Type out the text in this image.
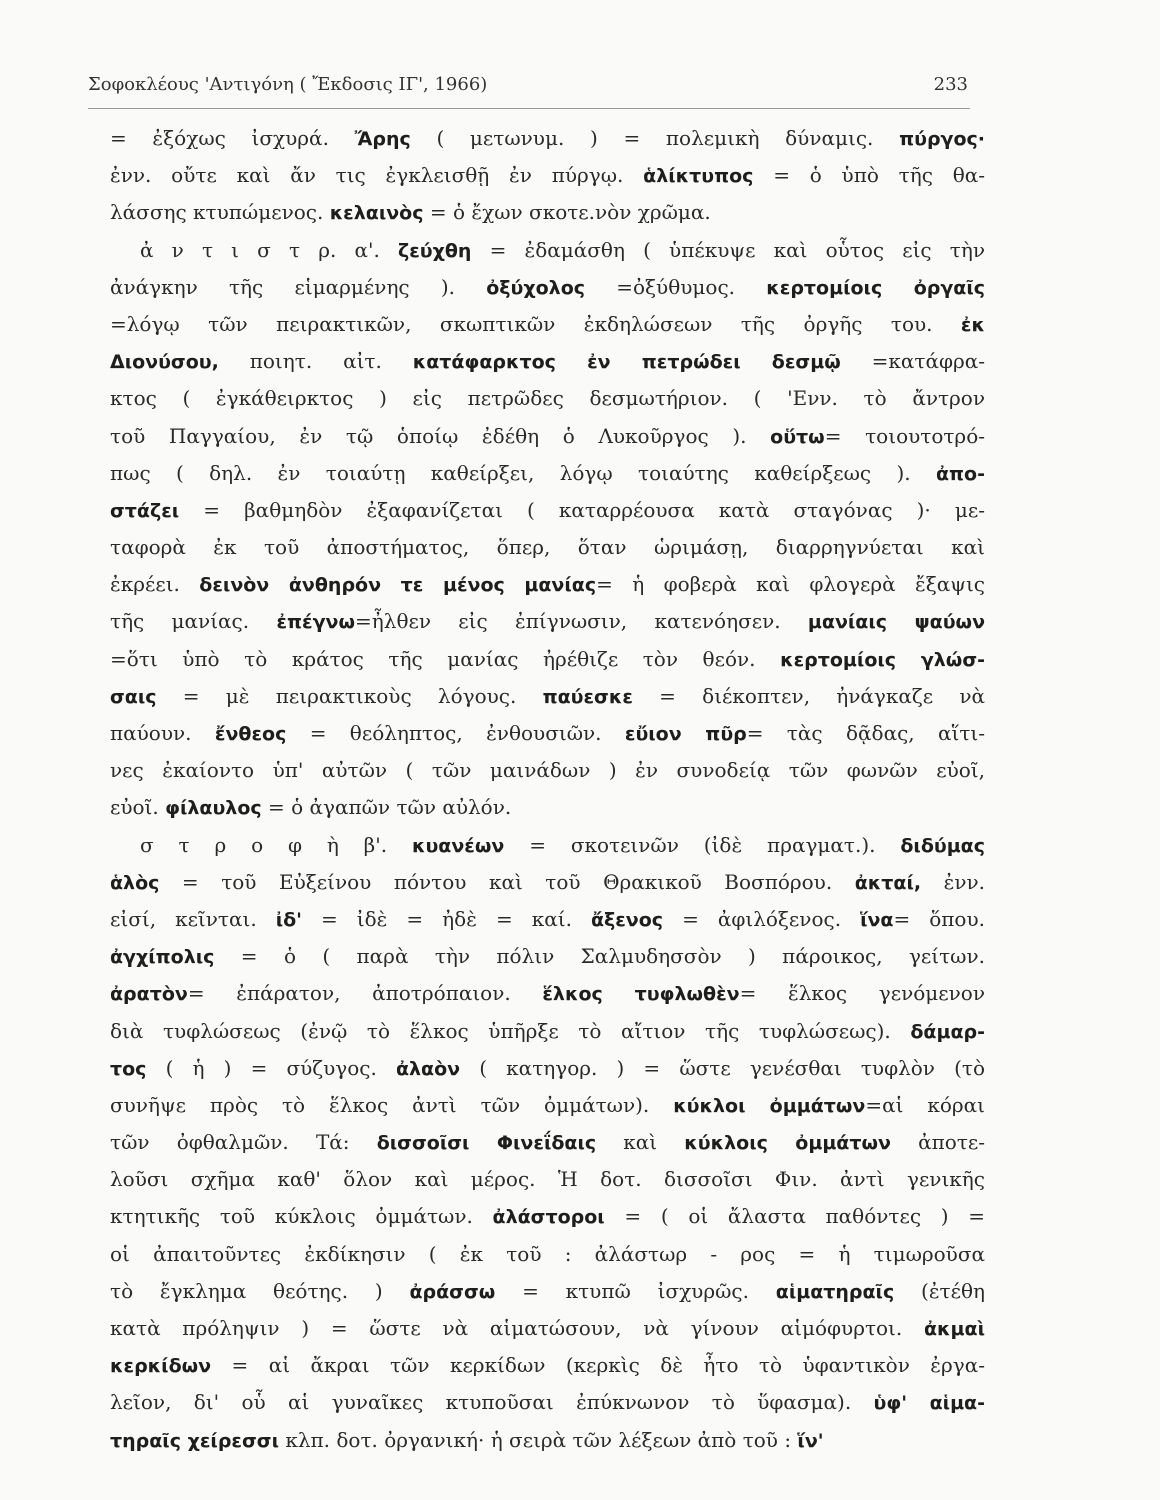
Σοφοκλέους 'Αντιγόνη ( Ἔκδοσις ΙΓ', 1966)	233
= ἐξόχως ἰσχυρά. Ἄρης ( μετωνυμ. ) = πολεμικὴ δύναμις. πύργος·
ἐνν. οὔτε καὶ ἄν τις ἐγκλεισθῇ ἐν πύργῳ. ἁλίκτυπος = ὁ ὑπὸ τῆς θα-
λάσσης κτυπώμενος. κελαινὸς = ὁ ἔχων σκοτε.νὸν χρῶμα.
ἀ ν τ ι σ τ ρ. α'. ζεύχθη = ἐδαμάσθη ( ὑπέκυψε καὶ οὗτος εἰς τὴν
ἀνάγκην τῆς εἱμαρμένης ). ὀξύχολος =ὀξύθυμος. κερτομίοις ὀργαῖς
=λόγῳ τῶν πειρακτικῶν, σκωπτικῶν ἐκδηλώσεων τῆς ὀργῆς του. ἐκ
Διονύσου, ποιητ. αἰτ. κατάφαρκτος ἐν πετρώδει δεσμῷ =κατάφρα-
κτος ( ἐγκάθειρκτος ) εἰς πετρῶδες δεσμωτήριον. ( 'Ενν. τὸ ἄντρον
τοῦ Παγγαίου, ἐν τῷ ὁποίῳ ἐδέθη ὁ Λυκοῦργος ). οὕτω= τοιουτοτρό-
πως ( δηλ. ἐν τοιαύτῃ καθείρξει, λόγῳ τοιαύτης καθείρξεως ). ἀπο-
στάζει = βαθμηδὸν ἐξαφανίζεται ( καταρρέουσα κατὰ σταγόνας )· με-
ταφορὰ ἐκ τοῦ ἀποστήματος, ὅπερ, ὅταν ὡριμάσῃ, διαρρηγνύεται καὶ
ἐκρέει. δεινὸν ἀνθηρόν τε μένος μανίας= ἡ φοβερὰ καὶ φλογερὰ ἔξαψις
τῆς μανίας. ἐπέγνω=ἦλθεν εἰς ἐπίγνωσιν, κατενόησεν. μανίαις ψαύων
=ὅτι ὑπὸ τὸ κράτος τῆς μανίας ἠρέθιζε τὸν θεόν. κερτομίοις γλώσ-
σαις = μὲ πειρακτικοὺς λόγους. παύεσκε = διέκοπτεν, ἠνάγκαζε νὰ
παύουν. ἔνθεος = θεόληπτος, ἐνθουσιῶν. εὔιον πῦρ= τὰς δᾷδας, αἵτι-
νες ἐκαίοντο ὑπ' αὐτῶν ( τῶν μαινάδων ) ἐν συνοδείᾳ τῶν φωνῶν εὐοῖ,
εὐοῖ. φίλαυλος = ὁ ἀγαπῶν τῶν αὐλόν.
σ τ ρ ο φ ὴ β'. κυανέων = σκοτεινῶν (ἰδὲ πραγματ.). διδύμας
ἁλὸς = τοῦ Εὐξείνου πόντου καὶ τοῦ Θρακικοῦ Βοσπόρου. ἀκταί, ἐνν.
εἰσί, κεῖνται. ἰδ' = ἰδὲ = ἠδὲ = καί. ἄξενος = ἀφιλόξενος. ἵνα= ὅπου.
ἀγχίπολις = ὁ ( παρὰ τὴν πόλιν Σαλμυδησσὸν ) πάροικος, γείτων.
ἀρατὸν= ἐπάρατον, ἀποτρόπαιον. ἕλκος τυφλωθὲν= ἕλκος γενόμενον
διὰ τυφλώσεως (ἐνῷ τὸ ἕλκος ὑπῆρξε τὸ αἴτιον τῆς τυφλώσεως). δάμαρ-
τος ( ἡ ) = σύζυγος. ἀλαὸν ( κατηγορ. ) = ὥστε γενέσθαι τυφλὸν (τὸ
συνῆψε πρὸς τὸ ἕλκος ἀντὶ τῶν ὀμμάτων). κύκλοι ὀμμάτων=αἱ κόραι
τῶν ὀφθαλμῶν. Τά: δισσοῖσι Φινεΐδαις καὶ κύκλοις ὀμμάτων ἀποτε-
λοῦσι σχῆμα καθ' ὅλον καὶ μέρος. Ἡ δοτ. δισσοῖσι Φιν. ἀντὶ γενικῆς
κτητικῆς τοῦ κύκλοις ὀμμάτων. ἀλάστοροι = ( οἱ ἄλαστα παθόντες ) =
οἱ ἀπαιτοῦντες ἐκδίκησιν ( ἐκ τοῦ : ἀλάστωρ - ρος = ἡ τιμωροῦσα
τὸ ἔγκλημα θεότης. ) ἀράσσω = κτυπῶ ἰσχυρῶς. αἱματηραῖς (ἐτέθη
κατὰ πρόληψιν ) = ὥστε νὰ αἱματώσουν, νὰ γίνουν αἱμόφυρτοι. ἀκμαὶ
κερκίδων = αἱ ἄκραι τῶν κερκίδων (κερκὶς δὲ ἦτο τὸ ὑφαντικὸν ἐργα-
λεῖον, δι' οὗ αἱ γυναῖκες κτυποῦσαι ἐπύκνωνον τὸ ὕφασμα). ὑφ' αἱμα-
τηραῖς χείρεσσι κλπ. δοτ. ὀργανική· ἡ σειρὰ τῶν λέξεων ἀπὸ τοῦ : ἵν'
